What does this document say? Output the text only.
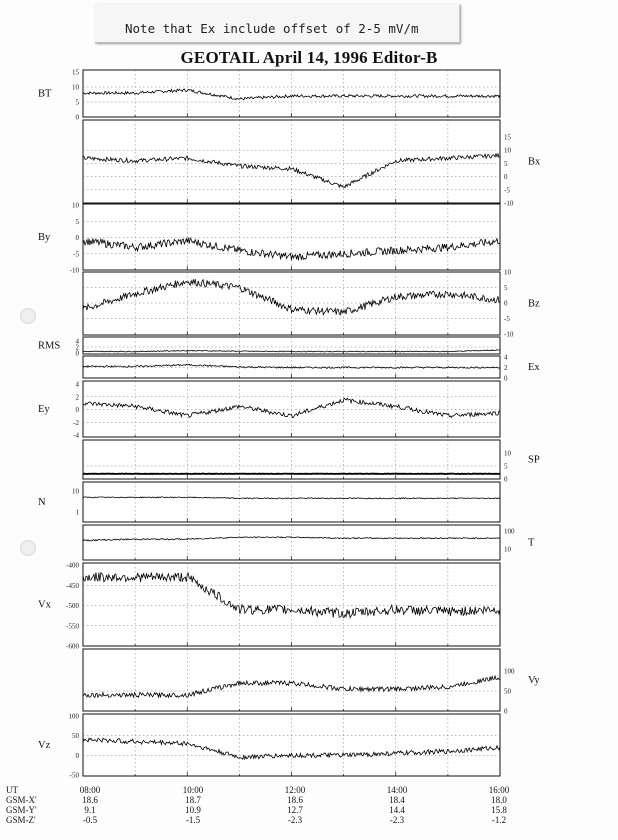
Note that Ex include offset of 2-5 mV/m
GEOTAIL April 14, 1996 Editor-B
15
10
5
0
BT
15
10
5
0
-5
-10
Bx
10
5
0
-5
-10
By
10
5
0
-5
-10
Bz
4
2
0
RMS
4
2
0
Ex
4
2
0
-2
-4
Ey
10
5
0
SP
10
1
N
100
10
T
-400
-450
-500
-550
-600
Vx
100
50
0
Vy
100
50
0
-50
Vz
UT
GSM-X'
GSM-Y'
GSM-Z'
08:00
18.6
9.1
-0.5
10:00
18.7
10.9
-1.5
12:00
18.6
12.7
-2.3
14:00
18.4
14.4
-2.3
16:00
18.0
15.8
-1.2
